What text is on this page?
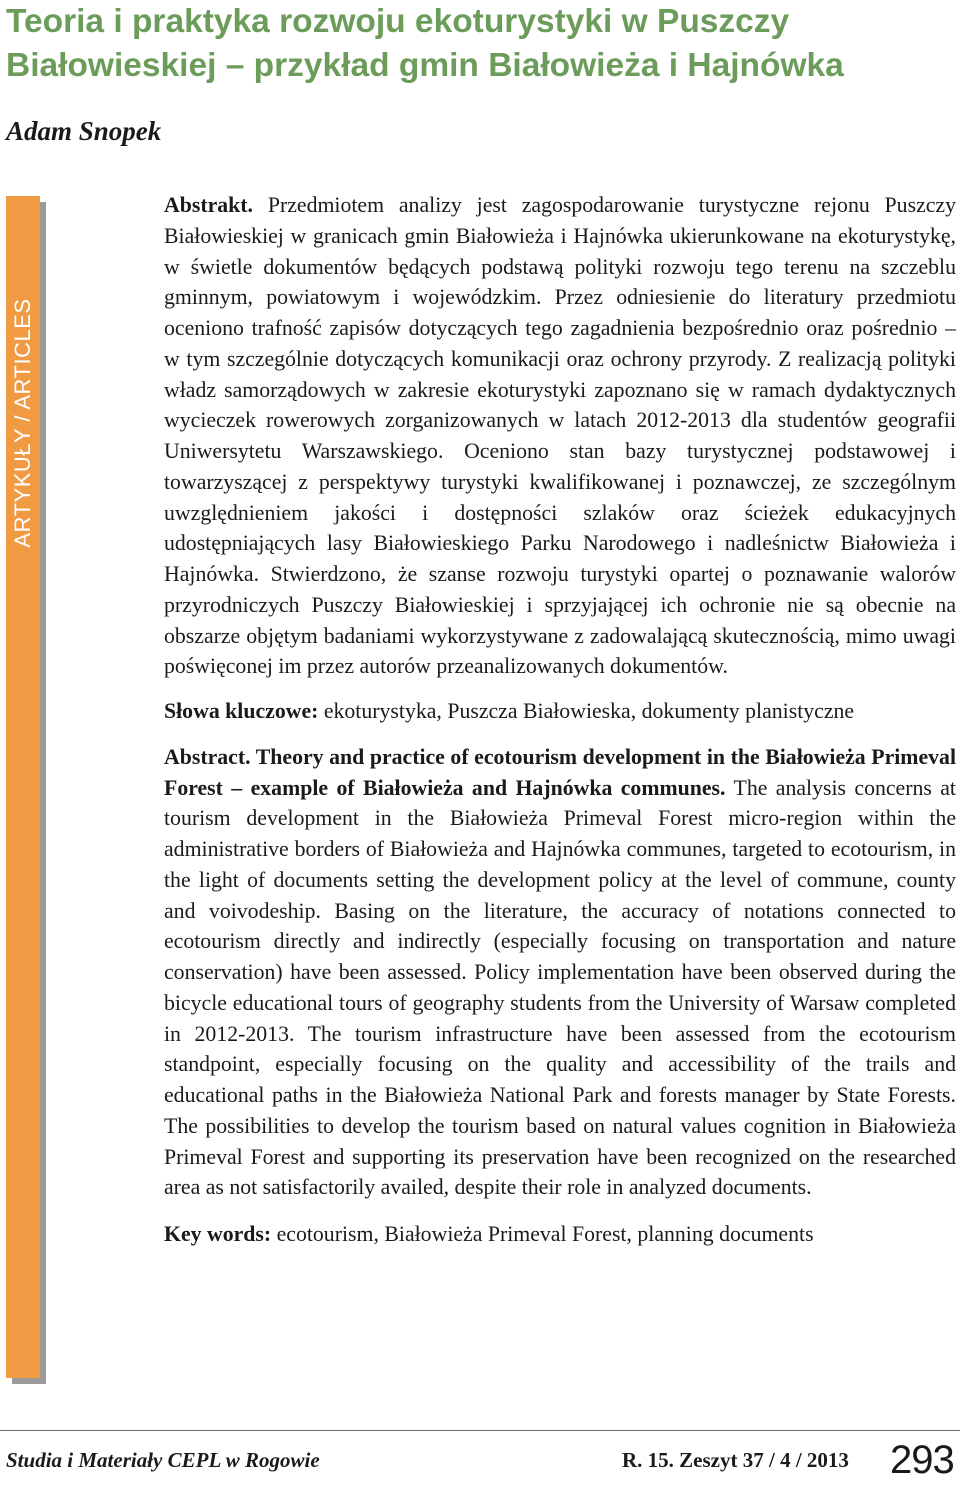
Teoria i praktyka rozwoju ekoturystyki w Puszczy Białowieskiej – przykład gmin Białowieża i Hajnówka
Adam Snopek
ARTYKUŁY / ARTICLES

Abstrakt. Przedmiotem analizy jest zagospodarowanie turystyczne rejonu Puszczy Białowieskiej w granicach gmin Białowieża i Hajnówka ukierunkowane na ekoturystykę, w świetle dokumentów będących podstawą polityki rozwoju tego terenu na szczeblu gminnym, powiatowym i wojewódzkim. Przez odniesienie do literatury przedmiotu oceniono trafność zapisów dotyczących tego zagadnienia bezpośrednio oraz pośrednio – w tym szczególnie dotyczących komunikacji oraz ochrony przyrody. Z realizacją polityki władz samorządowych w zakresie ekoturystyki zapoznano się w ramach dydaktycznych wycieczek rowerowych zorganizowanych w latach 2012-2013 dla studentów geografii Uniwersytetu Warszawskiego. Oceniono stan bazy turystycznej podstawowej i towarzyszącej z perspektywy turystyki kwalifikowanej i poznawczej, ze szczególnym uwzględnieniem jakości i dostępności szlaków oraz ścieżek edukacyjnych udostępniających lasy Białowieskiego Parku Narodowego i nadleśnictw Białowieża i Hajnówka. Stwierdzono, że szanse rozwoju turystyki opartej o poznawanie walorów przyrodniczych Puszczy Białowieskiej i sprzyjającej ich ochronie nie są obecnie na obszarze objętym badaniami wykorzystywane z zadowalającą skutecznością, mimo uwagi poświęconej im przez autorów przeanalizowanych dokumentów.

Słowa kluczowe: ekoturystyka, Puszcza Białowieska, dokumenty planistyczne

Abstract. Theory and practice of ecotourism development in the Białowieża Primeval Forest – example of Białowieża and Hajnówka communes. The analysis concerns at tourism development in the Białowieża Primeval Forest micro-region within the administrative borders of Białowieża and Hajnówka communes, targeted to ecotourism, in the light of documents setting the development policy at the level of commune, county and voivodeship. Basing on the literature, the accuracy of notations connected to ecotourism directly and indirectly (especially focusing on transportation and nature conservation) have been assessed. Policy implementation have been observed during the bicycle educational tours of geography students from the University of Warsaw completed in 2012-2013. The tourism infrastructure have been assessed from the ecotourism standpoint, especially focusing on the quality and accessibility of the trails and educational paths in the Białowieża National Park and forests manager by State Forests. The possibilities to develop the tourism based on natural values cognition in Białowieża Primeval Forest and supporting its preservation have been recognized on the researched area as not satisfactorily availed, despite their role in analyzed documents.

Key words: ecotourism, Białowieża Primeval Forest, planning documents

Studia i Materiały CEPL w Rogowie	R. 15. Zeszyt 37 / 4 / 2013 293
